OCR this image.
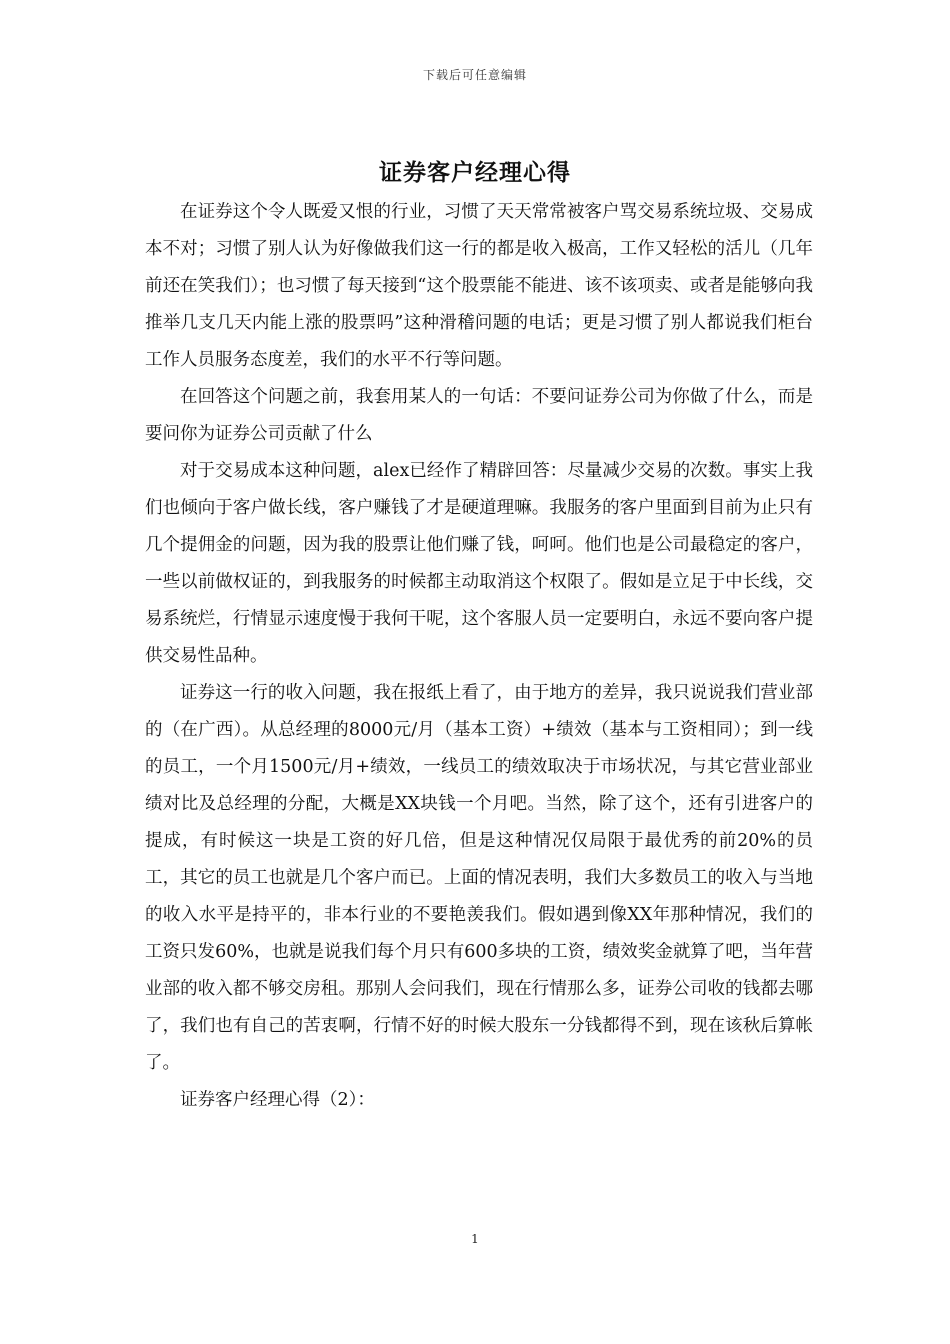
下载后可任意编辑
证券客户经理心得

在证券这个令人既爱又恨的行业，习惯了天天常常被客户骂交易系统垃圾、交易成本不对；习惯了别人认为好像做我们这一行的都是收入极高，工作又轻松的活儿（几年前还在笑我们）；也习惯了每天接到“这个股票能不能进、该不该项卖、或者是能够向我推举几支几天内能上涨的股票吗”这种滑稽问题的电话；更是习惯了别人都说我们柜台工作人员服务态度差，我们的水平不行等问题。

在回答这个问题之前，我套用某人的一句话：不要问证券公司为你做了什么，而是要问你为证券公司贡献了什么

对于交易成本这种问题，alex已经作了精辟回答：尽量减少交易的次数。事实上我们也倾向于客户做长线，客户赚钱了才是硬道理嘛。我服务的客户里面到目前为止只有几个提佣金的问题，因为我的股票让他们赚了钱，呵呵。他们也是公司最稳定的客户，一些以前做权证的，到我服务的时候都主动取消这个权限了。假如是立足于中长线，交易系统烂，行情显示速度慢于我何干呢，这个客服人员一定要明白，永远不要向客户提供交易性品种。

证券这一行的收入问题，我在报纸上看了，由于地方的差异，我只说说我们营业部的（在广西）。从总经理的8000元/月（基本工资）+绩效（基本与工资相同）；到一线的员工，一个月1500元/月+绩效，一线员工的绩效取决于市场状况，与其它营业部业绩对比及总经理的分配，大概是XX块钱一个月吧。当然，除了这个，还有引进客户的提成，有时候这一块是工资的好几倍，但是这种情况仅局限于最优秀的前20%的员工，其它的员工也就是几个客户而已。上面的情况表明，我们大多数员工的收入与当地的收入水平是持平的，非本行业的不要艳羡我们。假如遇到像XX年那种情况，我们的工资只发60%，也就是说我们每个月只有600多块的工资，绩效奖金就算了吧，当年营业部的收入都不够交房租。那别人会问我们，现在行情那么多，证券公司收的钱都去哪了，我们也有自己的苦衷啊，行情不好的时候大股东一分钱都得不到，现在该秋后算帐了。

证券客户经理心得（2）：

1
